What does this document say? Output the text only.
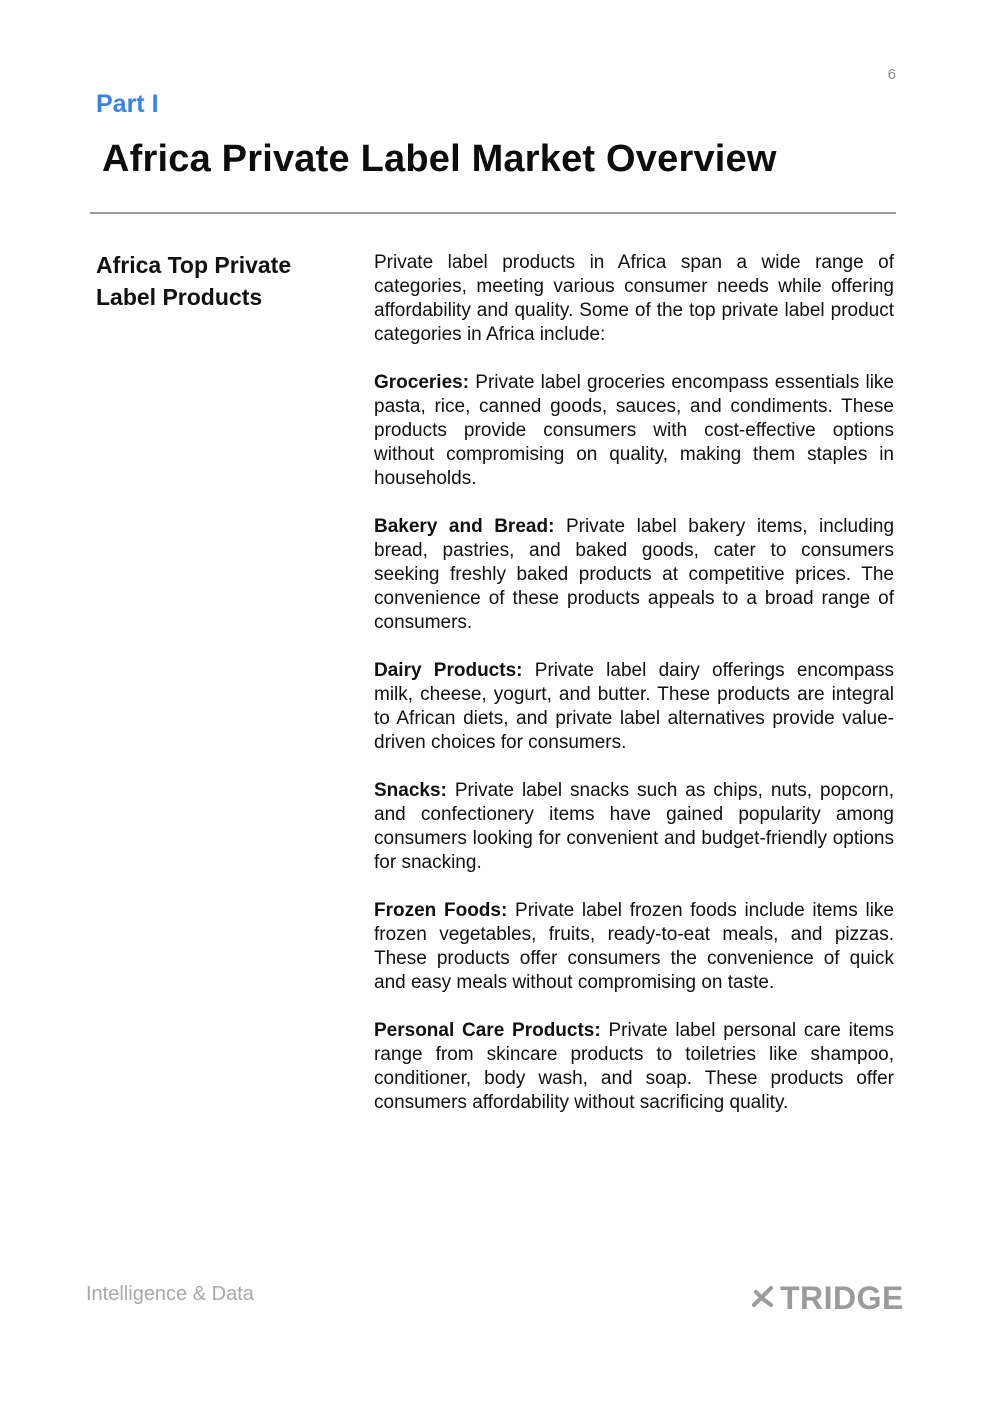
6
Part I
Africa Private Label Market Overview
Africa Top Private Label Products

Private label products in Africa span a wide range of categories, meeting various consumer needs while offering affordability and quality. Some of the top private label product categories in Africa include:

Groceries: Private label groceries encompass essentials like pasta, rice, canned goods, sauces, and condiments. These products provide consumers with cost-effective options without compromising on quality, making them staples in households.

Bakery and Bread: Private label bakery items, including bread, pastries, and baked goods, cater to consumers seeking freshly baked products at competitive prices. The convenience of these products appeals to a broad range of consumers.

Dairy Products: Private label dairy offerings encompass milk, cheese, yogurt, and butter. These products are integral to African diets, and private label alternatives provide value-driven choices for consumers.

Snacks: Private label snacks such as chips, nuts, popcorn, and confectionery items have gained popularity among consumers looking for convenient and budget-friendly options for snacking.

Frozen Foods: Private label frozen foods include items like frozen vegetables, fruits, ready-to-eat meals, and pizzas. These products offer consumers the convenience of quick and easy meals without compromising on taste.

Personal Care Products: Private label personal care items range from skincare products to toiletries like shampoo, conditioner, body wash, and soap. These products offer consumers affordability without sacrificing quality.

Intelligence & Data	TRIDGE
